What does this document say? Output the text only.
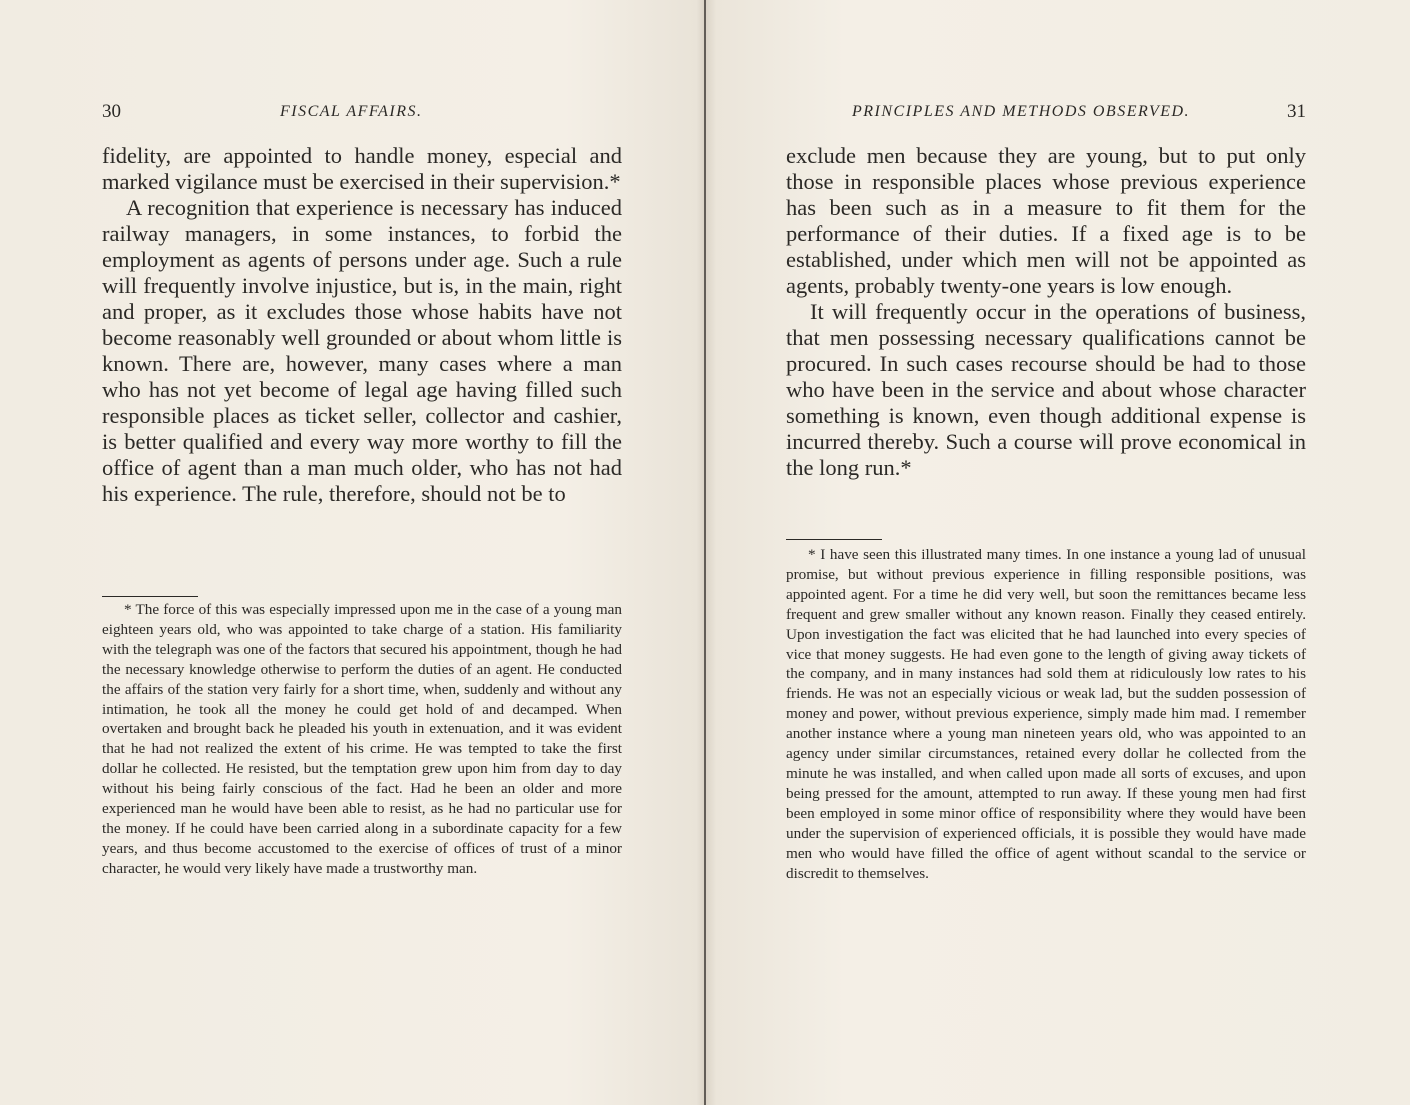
30	FISCAL AFFAIRS.

fidelity, are appointed to handle money, especial and marked vigilance must be exercised in their supervision.*

A recognition that experience is necessary has induced railway managers, in some instances, to forbid the employment as agents of persons under age. Such a rule will frequently involve injustice, but is, in the main, right and proper, as it excludes those whose habits have not become reasonably well grounded or about whom little is known. There are, however, many cases where a man who has not yet become of legal age having filled such responsible places as ticket seller, collector and cashier, is better qualified and every way more worthy to fill the office of agent than a man much older, who has not had his experience. The rule, therefore, should not be to

* The force of this was especially impressed upon me in the case of a young man eighteen years old, who was appointed to take charge of a station. His familiarity with the telegraph was one of the factors that secured his appointment, though he had the necessary knowledge otherwise to perform the duties of an agent. He conducted the affairs of the station very fairly for a short time, when, suddenly and without any intimation, he took all the money he could get hold of and decamped. When overtaken and brought back he pleaded his youth in extenuation, and it was evident that he had not realized the extent of his crime. He was tempted to take the first dollar he collected. He resisted, but the temptation grew upon him from day to day without his being fairly conscious of the fact. Had he been an older and more experienced man he would have been able to resist, as he had no particular use for the money. If he could have been carried along in a subordinate capacity for a few years, and thus become accustomed to the exercise of offices of trust of a minor character, he would very likely have made a trustworthy man.

PRINCIPLES AND METHODS OBSERVED.	31

exclude men because they are young, but to put only those in responsible places whose previous experience has been such as in a measure to fit them for the performance of their duties. If a fixed age is to be established, under which men will not be appointed as agents, probably twenty-one years is low enough.

It will frequently occur in the operations of business, that men possessing necessary qualifications cannot be procured. In such cases recourse should be had to those who have been in the service and about whose character something is known, even though additional expense is incurred thereby. Such a course will prove economical in the long run.*

* I have seen this illustrated many times. In one instance a young lad of unusual promise, but without previous experience in filling responsible positions, was appointed agent. For a time he did very well, but soon the remittances became less frequent and grew smaller without any known reason. Finally they ceased entirely. Upon investigation the fact was elicited that he had launched into every species of vice that money suggests. He had even gone to the length of giving away tickets of the company, and in many instances had sold them at ridiculously low rates to his friends. He was not an especially vicious or weak lad, but the sudden possession of money and power, without previous experience, simply made him mad. I remember another instance where a young man nineteen years old, who was appointed to an agency under similar circumstances, retained every dollar he collected from the minute he was installed, and when called upon made all sorts of excuses, and upon being pressed for the amount, attempted to run away. If these young men had first been employed in some minor office of responsibility where they would have been under the supervision of experienced officials, it is possible they would have made men who would have filled the office of agent without scandal to the service or discredit to themselves.
